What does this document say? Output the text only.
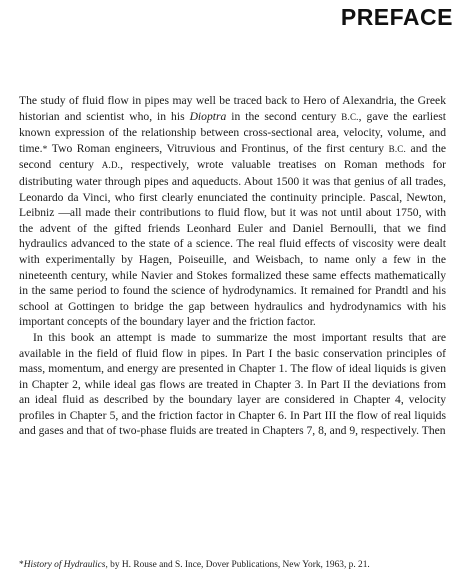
PREFACE

The study of fluid flow in pipes may well be traced back to Hero of Alexandria, the Greek historian and scientist who, in his Dioptra in the second century B.C., gave the earliest known expression of the relationship between cross-sectional area, velocity, volume, and time.* Two Roman engineers, Vitruvious and Frontinus, of the first century B.C. and the second century A.D., respectively, wrote valuable treatises on Roman methods for distributing water through pipes and aqueducts. About 1500 it was that genius of all trades, Leonardo da Vinci, who first clearly enunciated the continuity principle. Pascal, Newton, Leibniz —all made their contributions to fluid flow, but it was not until about 1750, with the advent of the gifted friends Leonhard Euler and Daniel Bernoulli, that we find hydraulics advanced to the state of a science. The real fluid effects of viscosity were dealt with experimentally by Hagen, Poiseuille, and Weisbach, to name only a few in the nineteenth century, while Navier and Stokes formalized these same effects mathematically in the same period to found the science of hydrodynamics. It remained for Prandtl and his school at Gottingen to bridge the gap between hydraulics and hydrodynamics with his important concepts of the boundary layer and the friction factor.

In this book an attempt is made to summarize the most important results that are available in the field of fluid flow in pipes. In Part I the basic conservation principles of mass, momentum, and energy are presented in Chapter 1. The flow of ideal liquids is given in Chapter 2, while ideal gas flows are treated in Chapter 3. In Part II the deviations from an ideal fluid as described by the boundary layer are considered in Chapter 4, velocity profiles in Chapter 5, and the friction factor in Chapter 6. In Part III the flow of real liquids and gases and that of two-phase fluids are treated in Chapters 7, 8, and 9, respectively. Then

*History of Hydraulics, by H. Rouse and S. Ince, Dover Publications, New York, 1963, p. 21.
